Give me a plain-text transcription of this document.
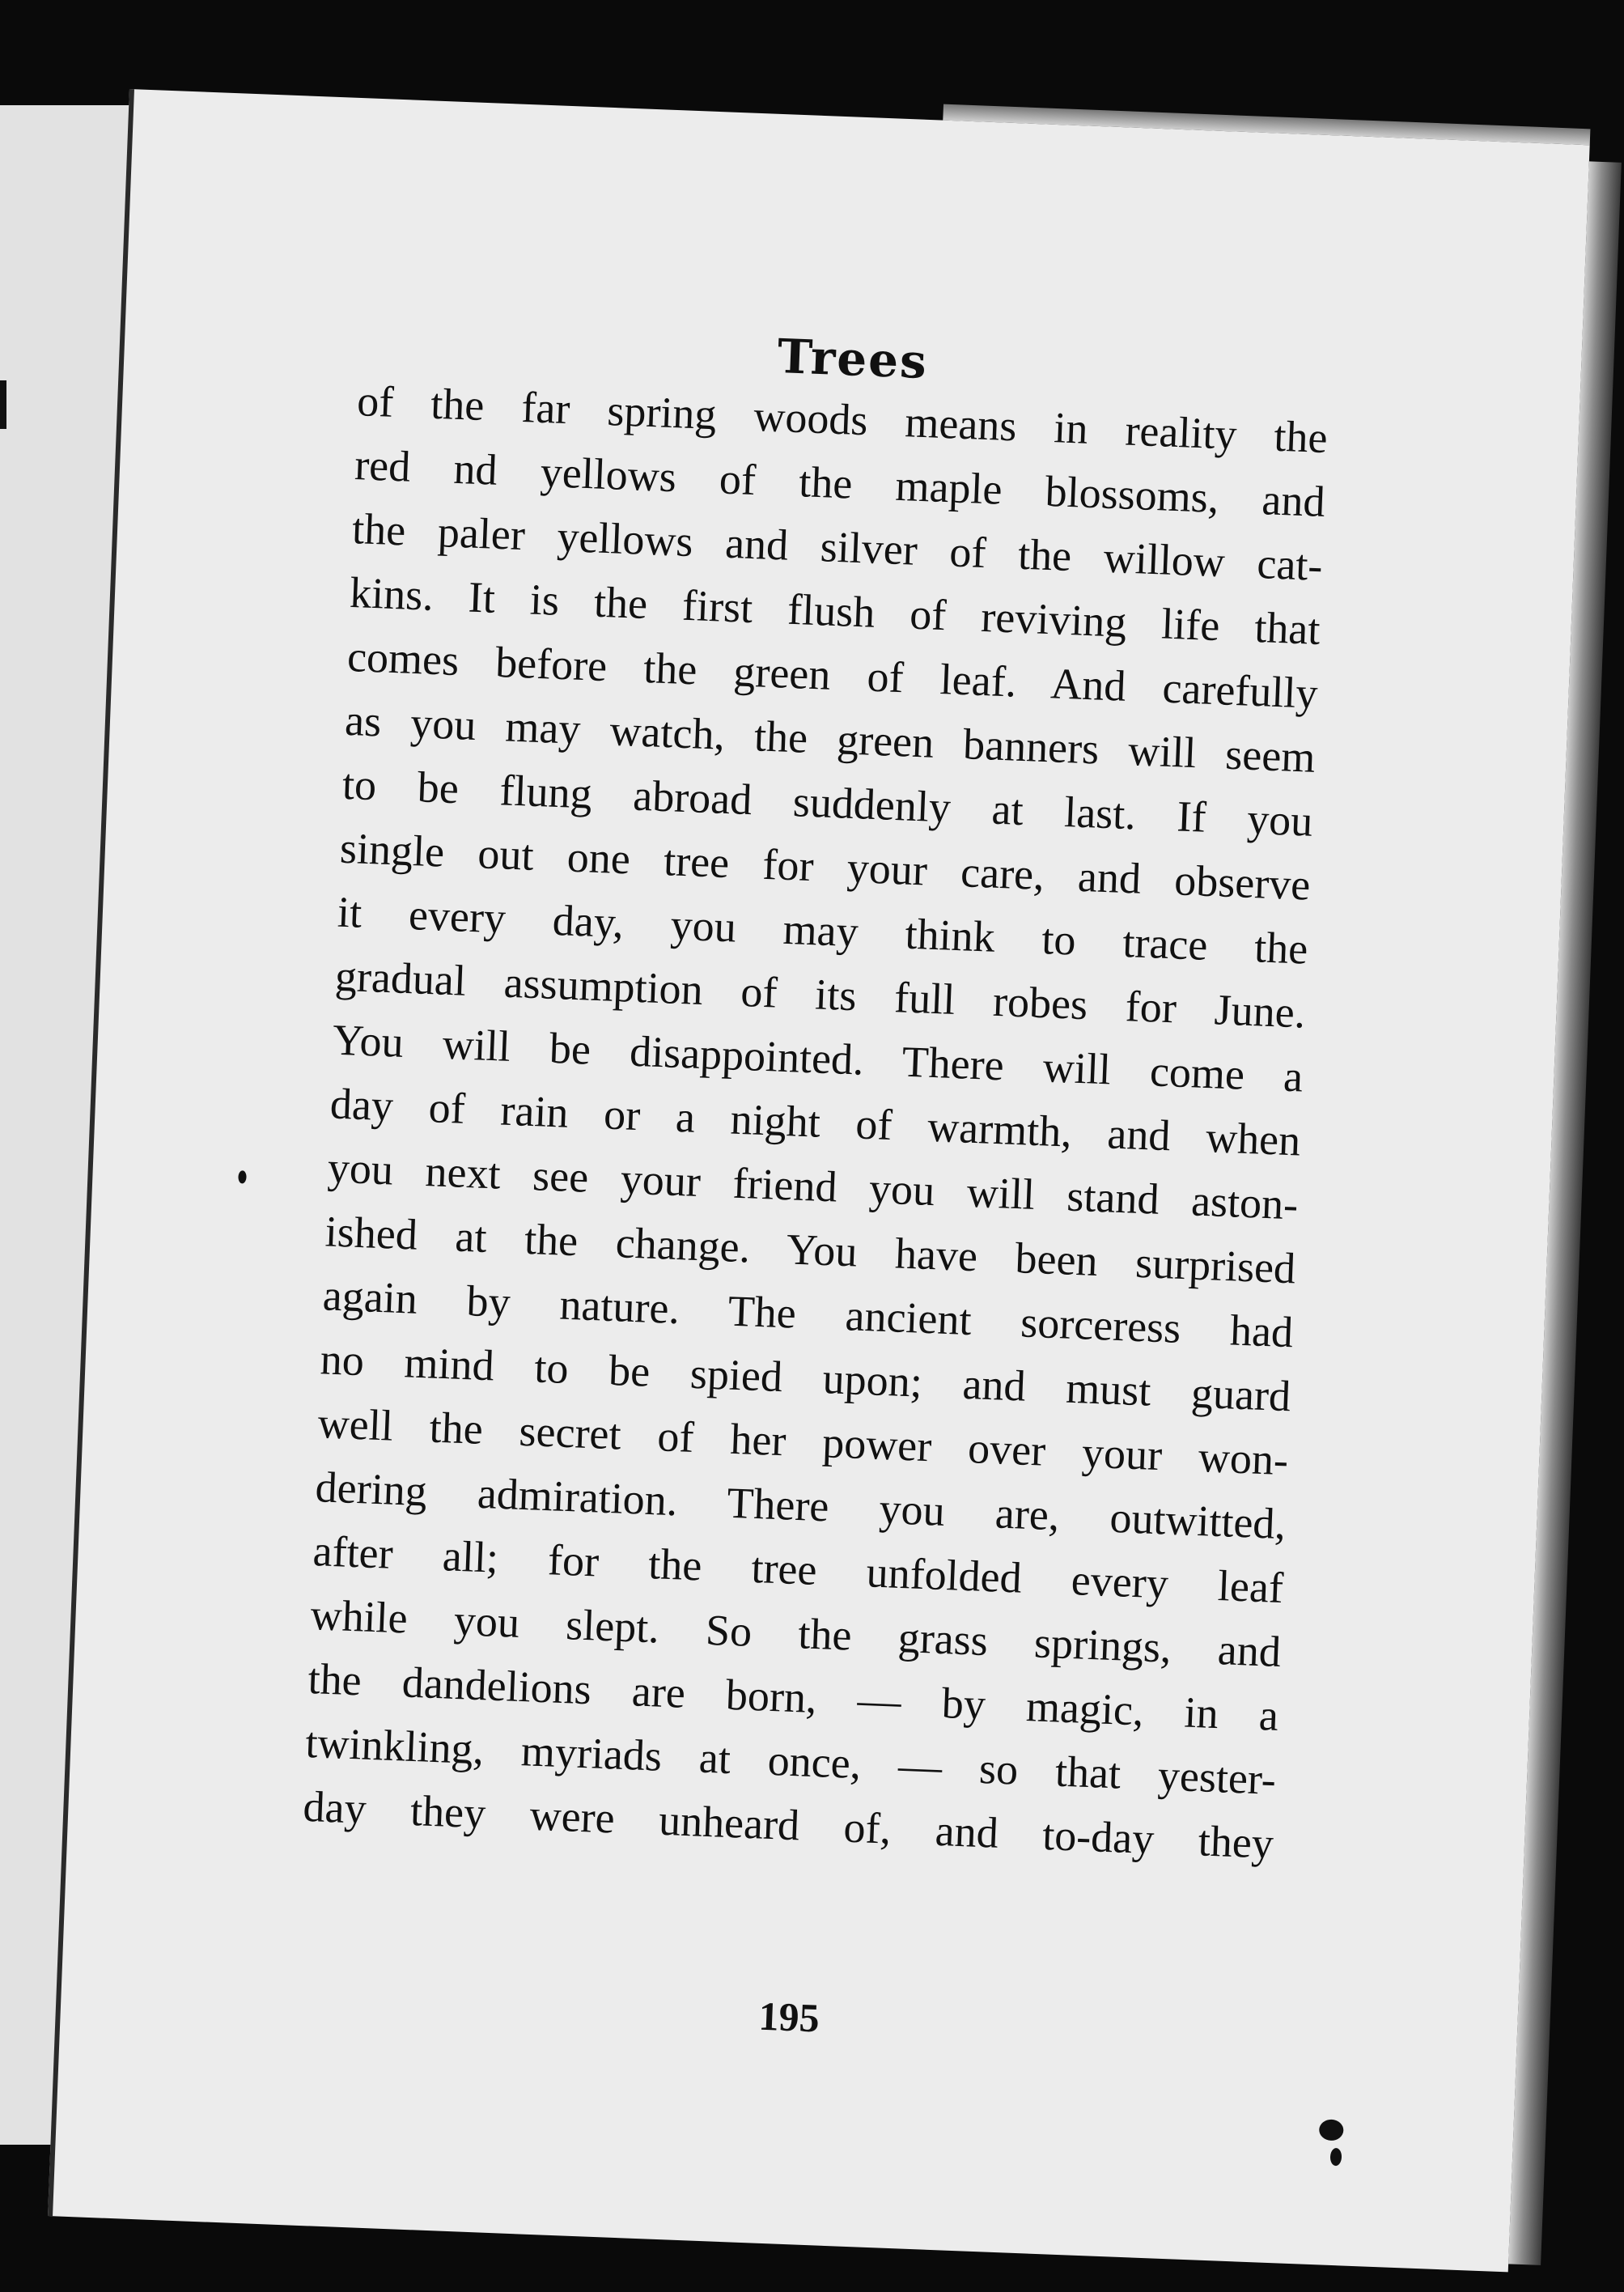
Trees
of the far spring woods means in reality the
red nd yellows of the maple blossoms, and
the paler yellows and silver of the willow cat-
kins. It is the first flush of reviving life that
comes before the green of leaf. And carefully
as you may watch, the green banners will seem
to be flung abroad suddenly at last. If you
single out one tree for your care, and observe
it every day, you may think to trace the
gradual assumption of its full robes for June.
You will be disappointed. There will come a
day of rain or a night of warmth, and when
you next see your friend you will stand aston-
ished at the change. You have been surprised
again by nature. The ancient sorceress had
no mind to be spied upon; and must guard
well the secret of her power over your won-
dering admiration. There you are, outwitted,
after all; for the tree unfolded every leaf
while you slept. So the grass springs, and
the dandelions are born, — by magic, in a
twinkling, myriads at once, — so that yester-
day they were unheard of, and to-day they
195
